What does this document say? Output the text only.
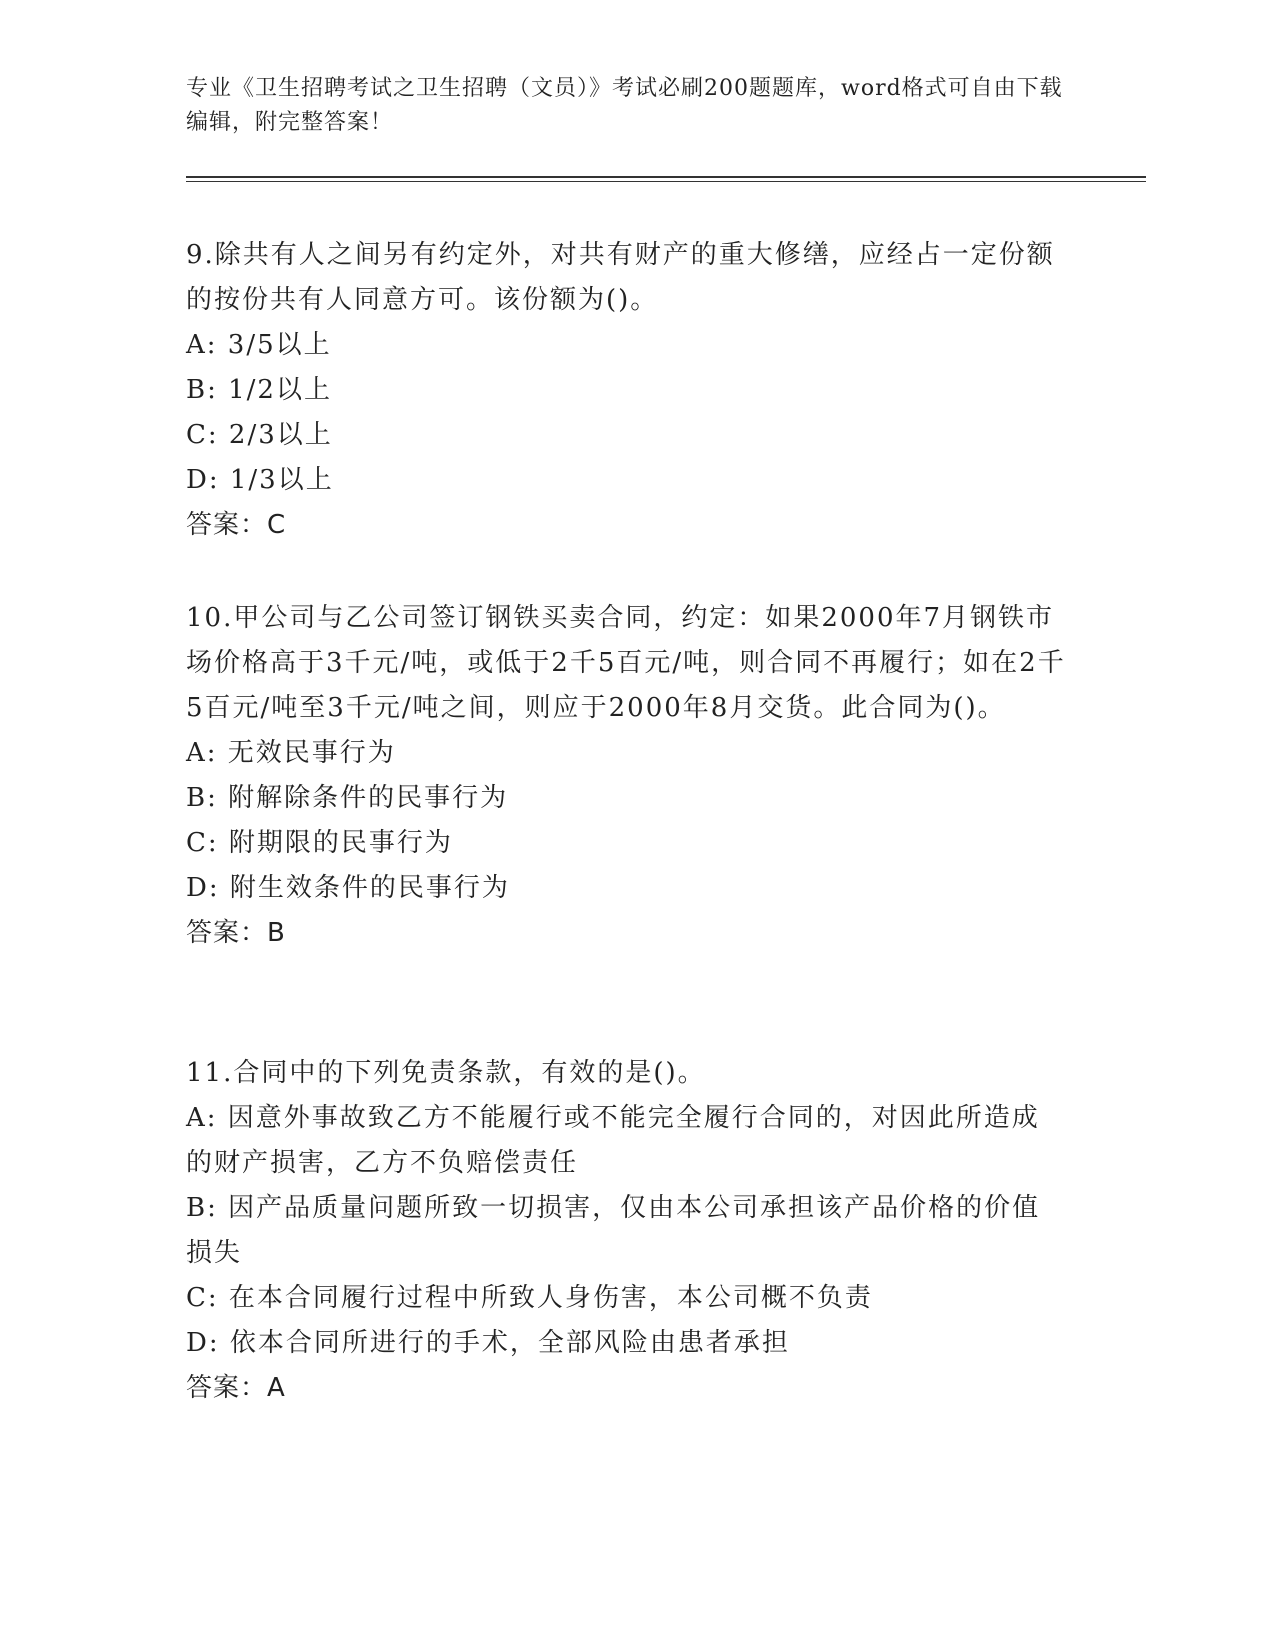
专业《卫生招聘考试之卫生招聘（文员）》考试必刷200题题库，word格式可自由下载编辑，附完整答案！
9.除共有人之间另有约定外，对共有财产的重大修缮，应经占一定份额的按份共有人同意方可。该份额为()。
A: 3/5以上
B: 1/2以上
C: 2/3以上
D: 1/3以上
答案：C
10.甲公司与乙公司签订钢铁买卖合同，约定：如果2000年7月钢铁市场价格高于3千元/吨，或低于2千5百元/吨，则合同不再履行；如在2千5百元/吨至3千元/吨之间，则应于2000年8月交货。此合同为()。
A: 无效民事行为
B: 附解除条件的民事行为
C: 附期限的民事行为
D: 附生效条件的民事行为
答案：B
11.合同中的下列免责条款，有效的是()。
A: 因意外事故致乙方不能履行或不能完全履行合同的，对因此所造成的财产损害，乙方不负赔偿责任
B: 因产品质量问题所致一切损害，仅由本公司承担该产品价格的价值损失
C: 在本合同履行过程中所致人身伤害，本公司概不负责
D: 依本合同所进行的手术，全部风险由患者承担
答案：A
